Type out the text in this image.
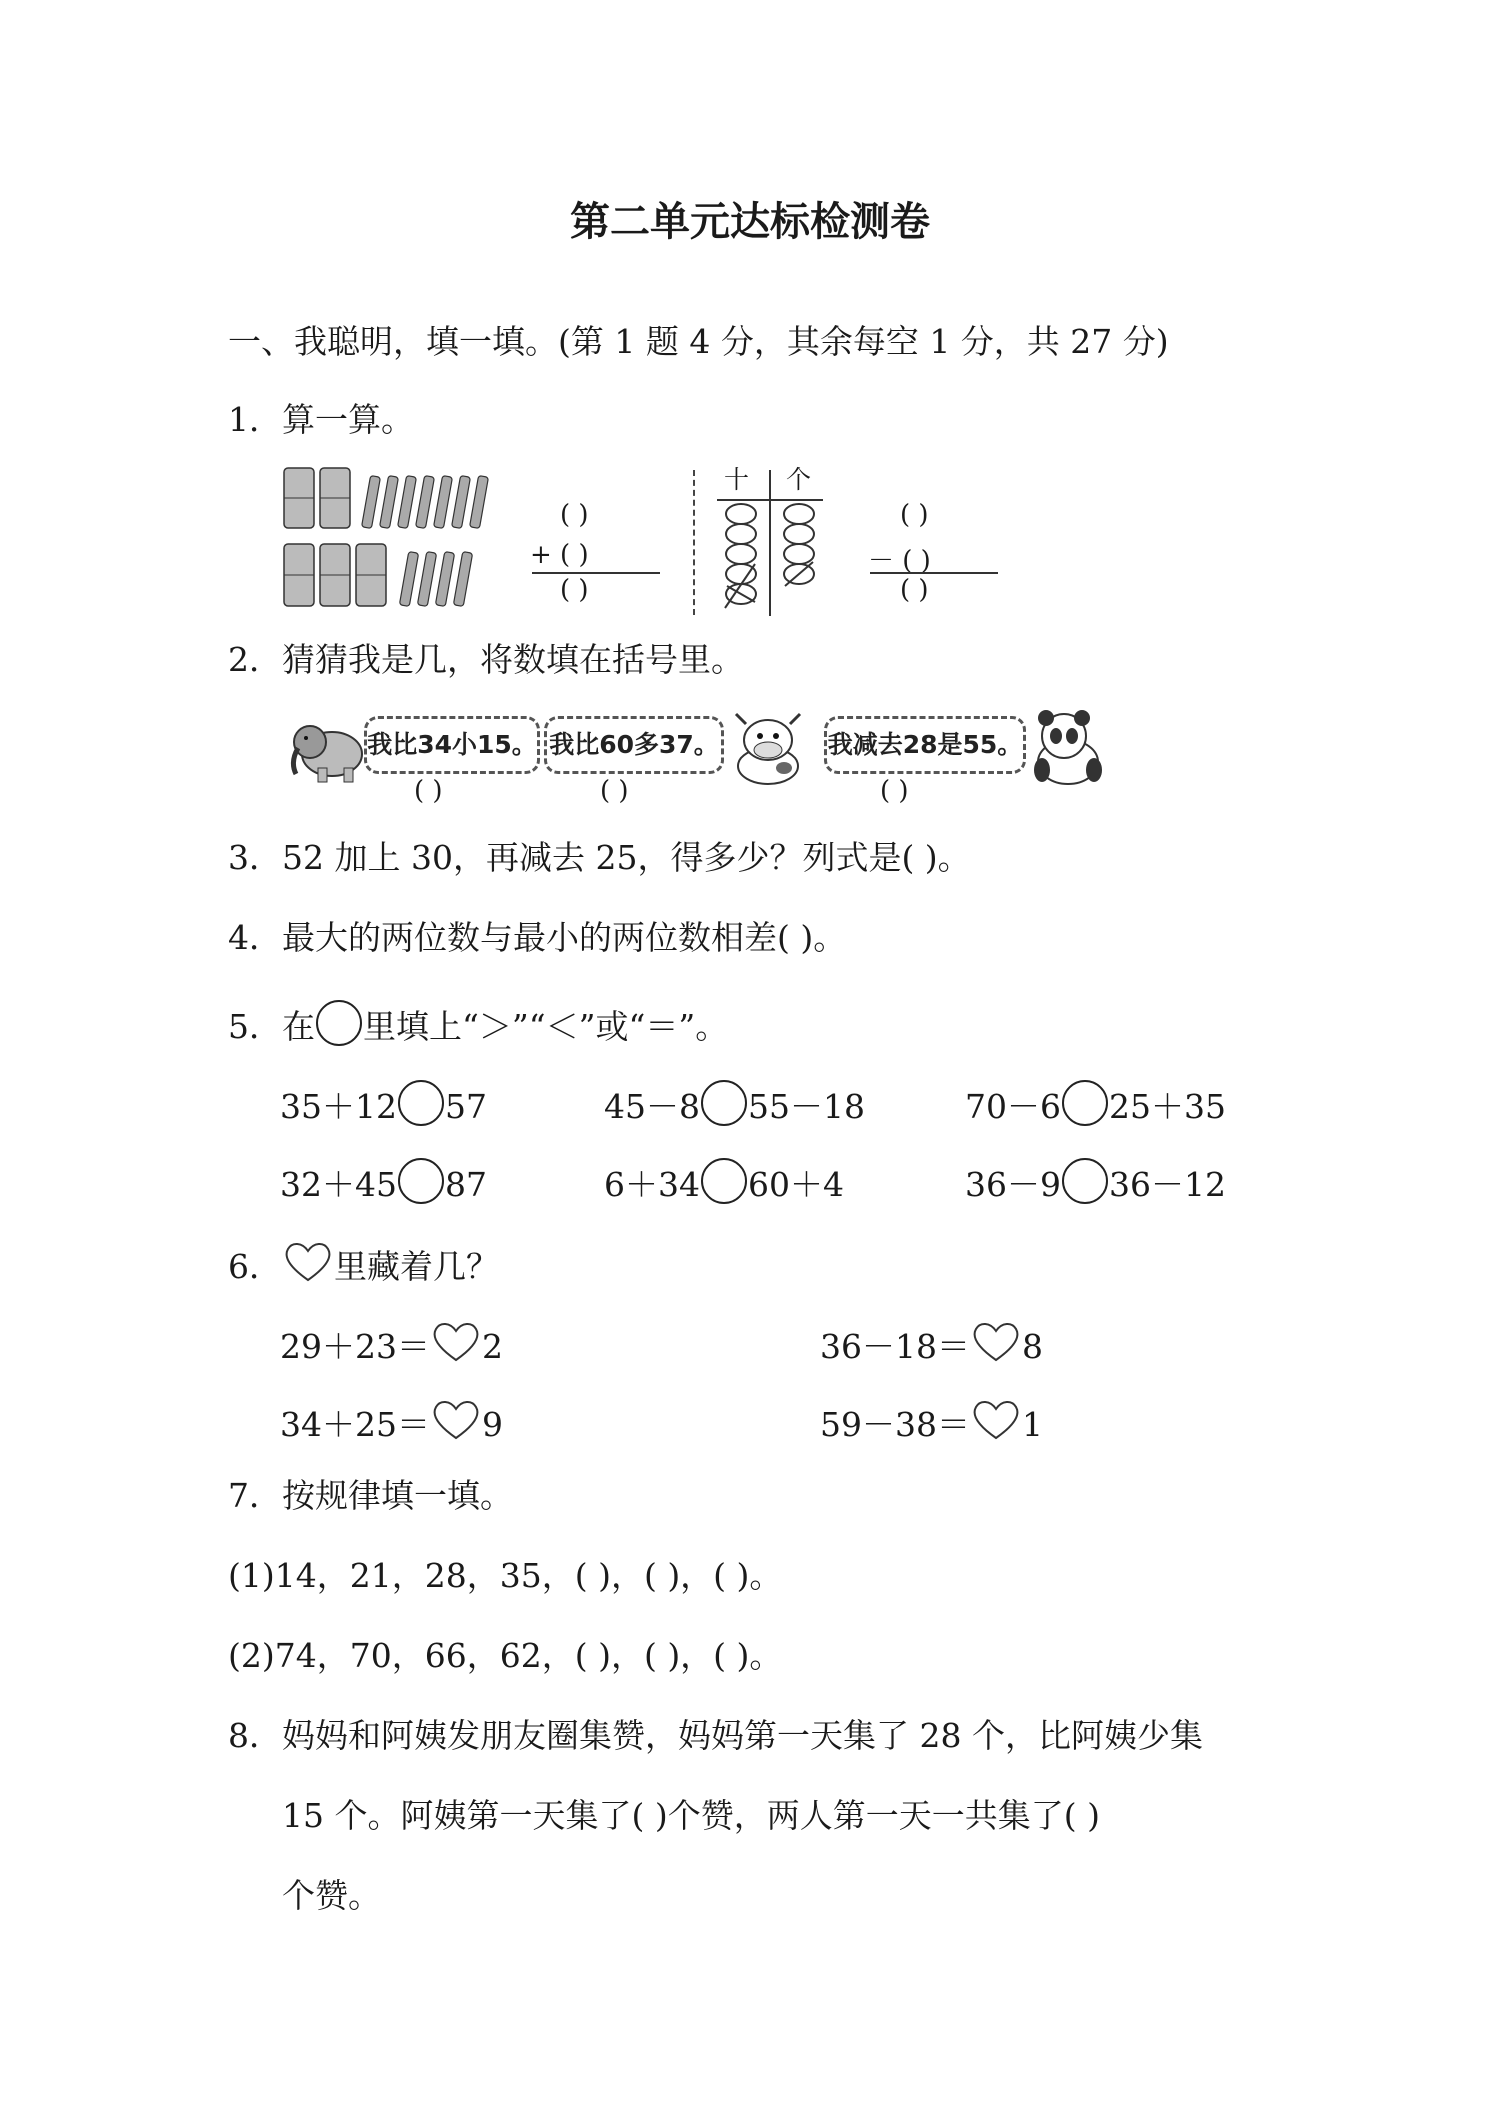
第二单元达标检测卷
一、我聪明，填一填。(第 1 题 4 分，其余每空 1 分，共 27 分)
1．算一算。
( )
+ ( )
( )
十 个
( )
－ ( )
( )
2．猜猜我是几，将数填在括号里。
我比34小15。 我比60多37。	我减去28是55。
( )	( )	( )
3．52 加上 30，再减去 25，得多少？列式是( )。
4．最大的两位数与最小的两位数相差( )。
5．在 里填上“＞”“＜”或“＝”。
35＋12 57	45－8 55－18	70－6 25＋35
32＋45 87	6＋34 60＋4	36－9 36－12
6． 里藏着几？
29＋23＝ 2	36－18＝ 8
34＋25＝ 9	59－38＝ 1
7．按规律填一填。
(1)14，21，28，35，( )，( )，( )。
(2)74，70，66，62，( )，( )，( )。
8．妈妈和阿姨发朋友圈集赞，妈妈第一天集了 28 个，比阿姨少集
15 个。阿姨第一天集了( )个赞，两人第一天一共集了( )
个赞。
